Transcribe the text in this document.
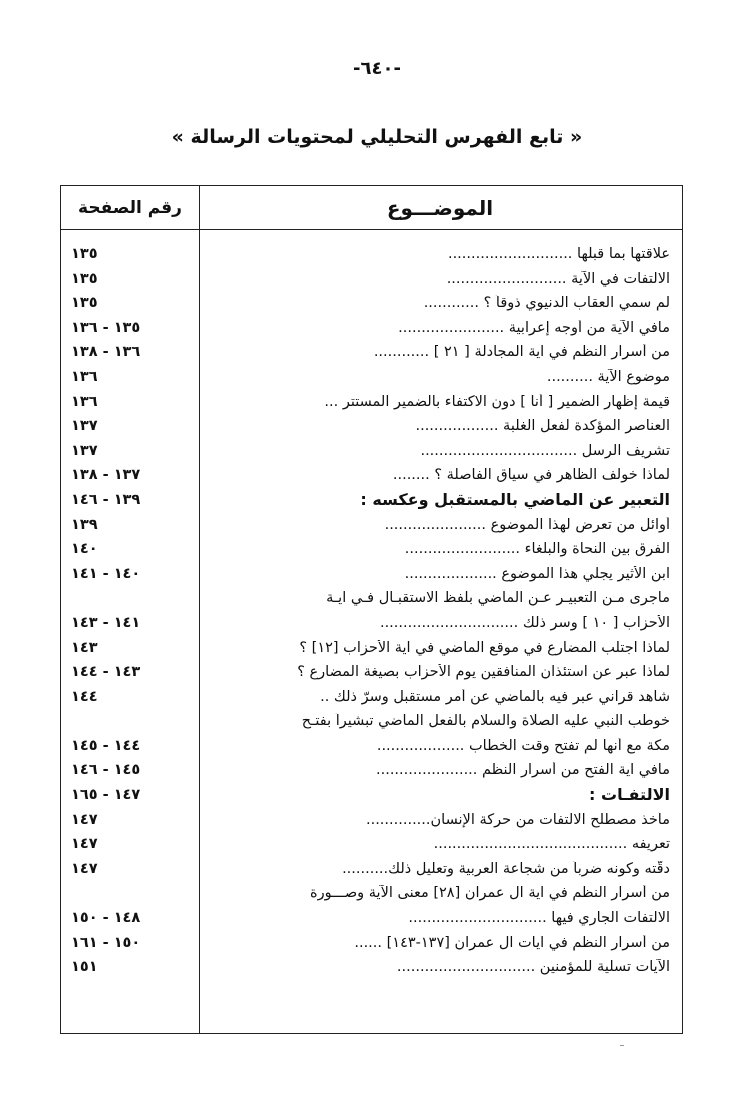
-٦٤٠-
« تابع الفهرس التحليلي لمحتويات الرسالة »
الموضـــوع
رقم الصفحة
علاقتها بما قبلها ...........................
١٣٥
الالتفات في الآية ..........................
١٣٥
لم سمي العقاب الدنيوي ذوقاً ؟ ............
١٣٥
مافي الآية من أوجه إعرابية .......................
١٣٥ - ١٣٦
من أسرار النظم في آية المجادلة [ ٢١ ] ............
١٣٦ - ١٣٨
موضوع الآية ..........
١٣٦
قيمة إظهار الضمير [ أنا ] دون الاكتفاء بالضمير المستتر ...
١٣٦
العناصر المؤكدة لفعل الغلبة ..................
١٣٧
تشريف الرسل ..................................
١٣٧
لماذا خولف الظاهر في سياق الفاصلة ؟ ........
١٣٧ - ١٣٨
التعبير عن الماضي بالمستقبل وعكسه :
١٣٩ - ١٤٦
أوائل من تعرض لهذا الموضوع ......................
١٣٩
الفرق بين النحاة والبلغاء .........................
١٤٠
ابن الأثير يجلي هذا الموضوع ....................
١٤٠ - ١٤١
ماجرى مـن التعبيـر عـن الماضي بلفظ الاستقبـال فـي آيـة
الأحزاب [ ١٠ ] وسر ذلك ..............................
١٤١ - ١٤٣
لماذا اجتلب المضارع في موقع الماضي في آية الأحزاب [١٢] ؟
١٤٣
لماذا عبر عن استئذان المنافقين يوم الأحزاب بصيغة المضارع ؟
١٤٣ - ١٤٤
شاهد قرآني عبر فيه بالماضي عن أمر مستقبل وسرّ ذلك ..
١٤٤
خوطب النبي عليه الصلاة والسلام بالفعل الماضي تبشيراً بفتـح
مكة مع أنها لم تفتح وقت الخطاب ...................
١٤٤ - ١٤٥
مافي آية الفتح من أسرار النظم ......................
١٤٥ - ١٤٦
الالتفـات :
١٤٧ - ١٦٥
مأخذ مصطلح الالتفات من حركة الإنسان..............
١٤٧
تعريفه ..........................................
١٤٧
دقّته وكونه ضرباً من شجاعة العربية وتعليل ذلك..........
١٤٧
من أسرار النظم في آية آل عمران [٢٨] معنى الآية وصـــورة
الالتفات الجاري فيها ..............................
١٤٨ - ١٥٠
من أسرار النظم في آيات آل عمران [١٣٧-١٤٣] ......
١٥٠ - ١٦١
الآيات تسلية للمؤمنين ..............................
١٥١
